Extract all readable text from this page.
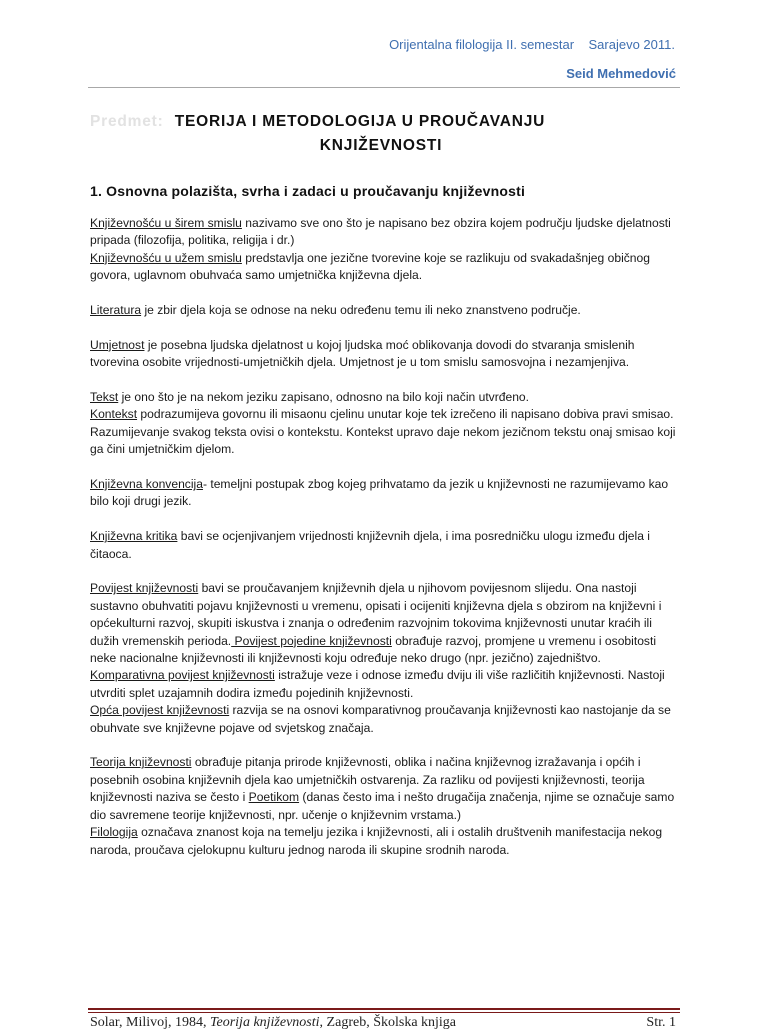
Orijentalna filologija II. semestar Sarajevo 2011.
Seid Mehmedović
Predmet: TEORIJA I METODOLOGIJA U PROUČAVANJU
KNJIŽEVNOSTI
1. Osnovna polazišta, svrha i zadaci u proučavanju književnosti

Književnošću u širem smislu nazivamo sve ono što je napisano bez obzira kojem području ljudske djelatnosti pripada (filozofija, politika, religija i dr.)

Književnošću u užem smislu predstavlja one jezične tvorevine koje se razlikuju od svakadašnjeg običnog govora, uglavnom obuhvaća samo umjetnička književna djela.

Literatura je zbir djela koja se odnose na neku određenu temu ili neko znanstveno područje.

Umjetnost je posebna ljudska djelatnost u kojoj ljudska moć oblikovanja dovodi do stvaranja smislenih tvorevina osobite vrijednosti-umjetničkih djela. Umjetnost je u tom smislu samosvojna i nezamjenjiva.

Tekst je ono što je na nekom jeziku zapisano, odnosno na bilo koji način utvrđeno.

Kontekst podrazumijeva govornu ili misaonu cjelinu unutar koje tek izrečeno ili napisano dobiva pravi smisao. Razumijevanje svakog teksta ovisi o kontekstu. Kontekst upravo daje nekom jezičnom tekstu onaj smisao koji ga čini umjetničkim djelom.

Književna konvencija- temeljni postupak zbog kojeg prihvatamo da jezik u književnosti ne razumijevamo kao bilo koji drugi jezik.

Književna kritika bavi se ocjenjivanjem vrijednosti književnih djela, i ima posredničku ulogu između djela i čitaoca.

Povijest književnosti bavi se proučavanjem književnih djela u njihovom povijesnom slijedu. Ona nastoji sustavno obuhvatiti pojavu književnosti u vremenu, opisati i ocijeniti književna djela s obzirom na književni i općekulturni razvoj, skupiti iskustva i znanja o određenim razvojnim tokovima književnosti unutar kraćih ili dužih vremenskih perioda. Povijest pojedine književnosti obrađuje razvoj, promjene u vremenu i osobitosti neke nacionalne književnosti ili književnosti koju određuje neko drugo (npr. jezično) zajedništvo.

Komparativna povijest književnosti istražuje veze i odnose između dviju ili više različitih književnosti. Nastoji utvrditi splet uzajamnih dodira između pojedinih književnosti.

Opća povijest književnosti razvija se na osnovi komparativnog proučavanja književnosti kao nastojanje da se obuhvate sve književne pojave od svjetskog značaja.

Teorija književnosti obrađuje pitanja prirode književnosti, oblika i načina književnog izražavanja i općih i posebnih osobina književnih djela kao umjetničkih ostvarenja. Za razliku od povijesti književnosti, teorija književnosti naziva se često i Poetikom (danas često ima i nešto drugačija značenja, njime se označuje samo dio savremene teorije književnosti, npr. učenje o književnim vrstama.)

Filologija označava znanost koja na temelju jezika i književnosti, ali i ostalih društvenih manifestacija nekog naroda, proučava cjelokupnu kulturu jednog naroda ili skupine srodnih naroda.

Solar, Milivoj, 1984, Teorija književnosti, Zagreb, Školska knjiga	Str. 1
